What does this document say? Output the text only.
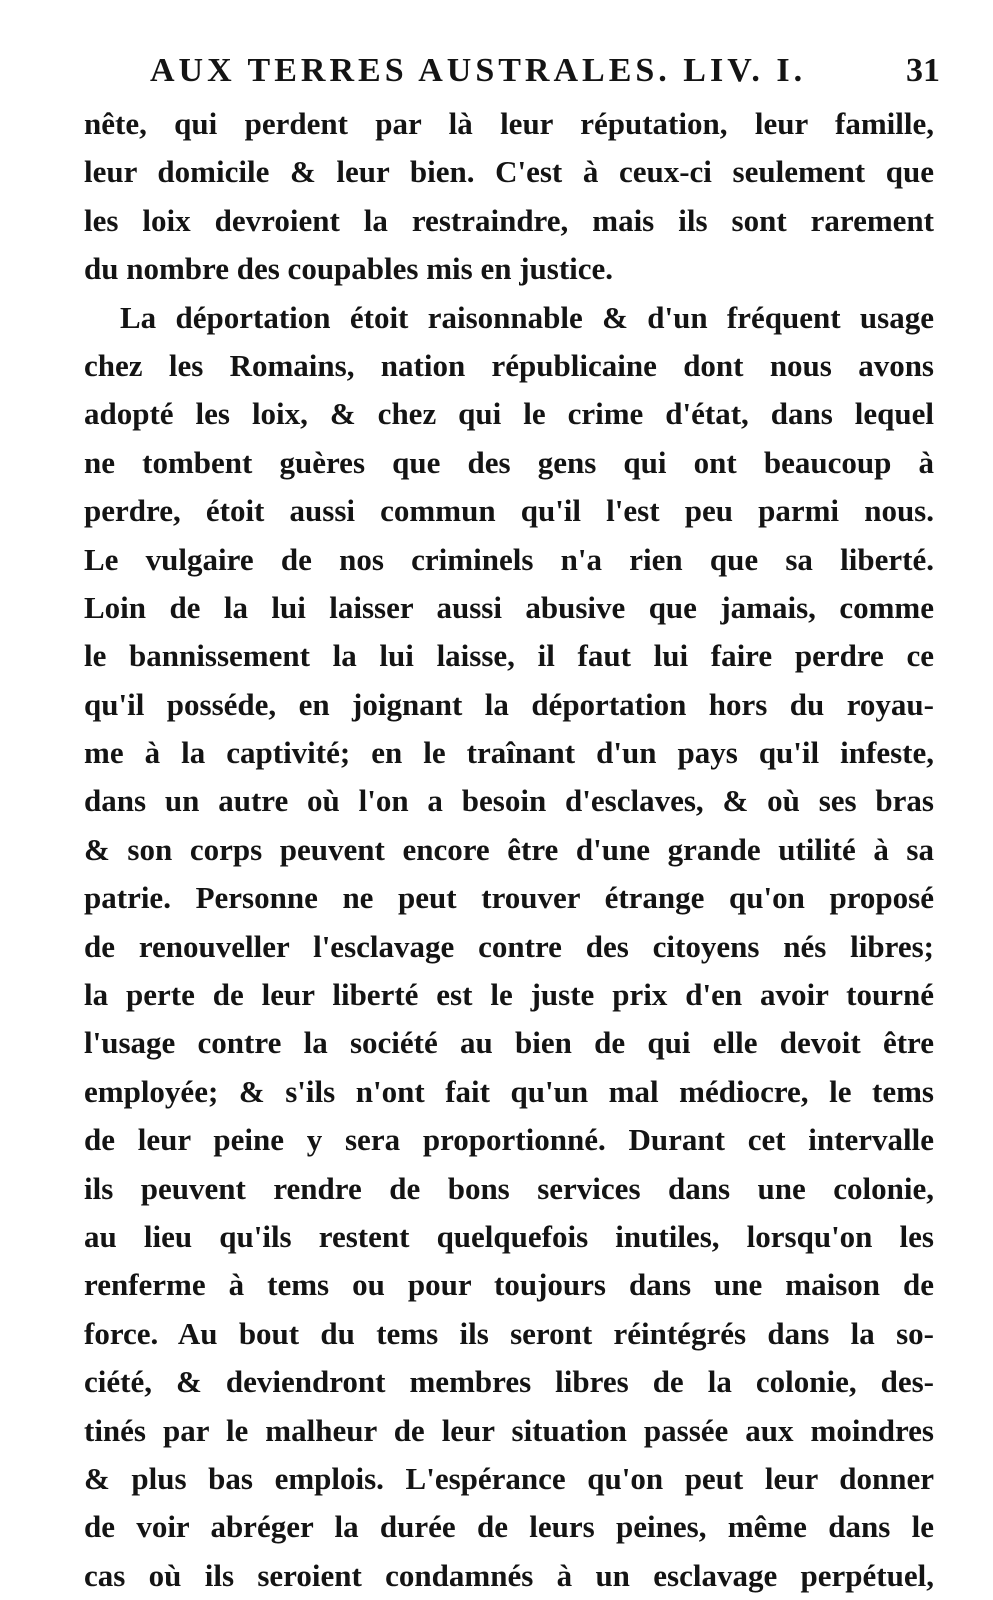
AUX TERRES AUSTRALES. LIV. I.	31
nête, qui perdent par là leur réputation, leur famille,
leur domicile & leur bien. C'est à ceux-ci seulement que
les loix devroient la restraindre, mais ils sont rarement
du nombre des coupables mis en justice.
La déportation étoit raisonnable & d'un fréquent usage
chez les Romains, nation républicaine dont nous avons
adopté les loix, & chez qui le crime d'état, dans lequel
ne tombent guères que des gens qui ont beaucoup à
perdre, étoit aussi commun qu'il l'est peu parmi nous.
Le vulgaire de nos criminels n'a rien que sa liberté.
Loin de la lui laisser aussi abusive que jamais, comme
le bannissement la lui laisse, il faut lui faire perdre ce
qu'il posséde, en joignant la déportation hors du royau-
me à la captivité; en le traînant d'un pays qu'il infeste,
dans un autre où l'on a besoin d'esclaves, & où ses bras
& son corps peuvent encore être d'une grande utilité à sa
patrie. Personne ne peut trouver étrange qu'on proposé
de renouveller l'esclavage contre des citoyens nés libres;
la perte de leur liberté est le juste prix d'en avoir tourné
l'usage contre la société au bien de qui elle devoit être
employée; & s'ils n'ont fait qu'un mal médiocre, le tems
de leur peine y sera proportionné. Durant cet intervalle
ils peuvent rendre de bons services dans une colonie,
au lieu qu'ils restent quelquefois inutiles, lorsqu'on les
renferme à tems ou pour toujours dans une maison de
force. Au bout du tems ils seront réintégrés dans la so-
ciété, & deviendront membres libres de la colonie, des-
tinés par le malheur de leur situation passée aux moindres
& plus bas emplois. L'espérance qu'on peut leur donner
de voir abréger la durée de leurs peines, même dans le
cas où ils seroient condamnés à un esclavage perpétuel,
